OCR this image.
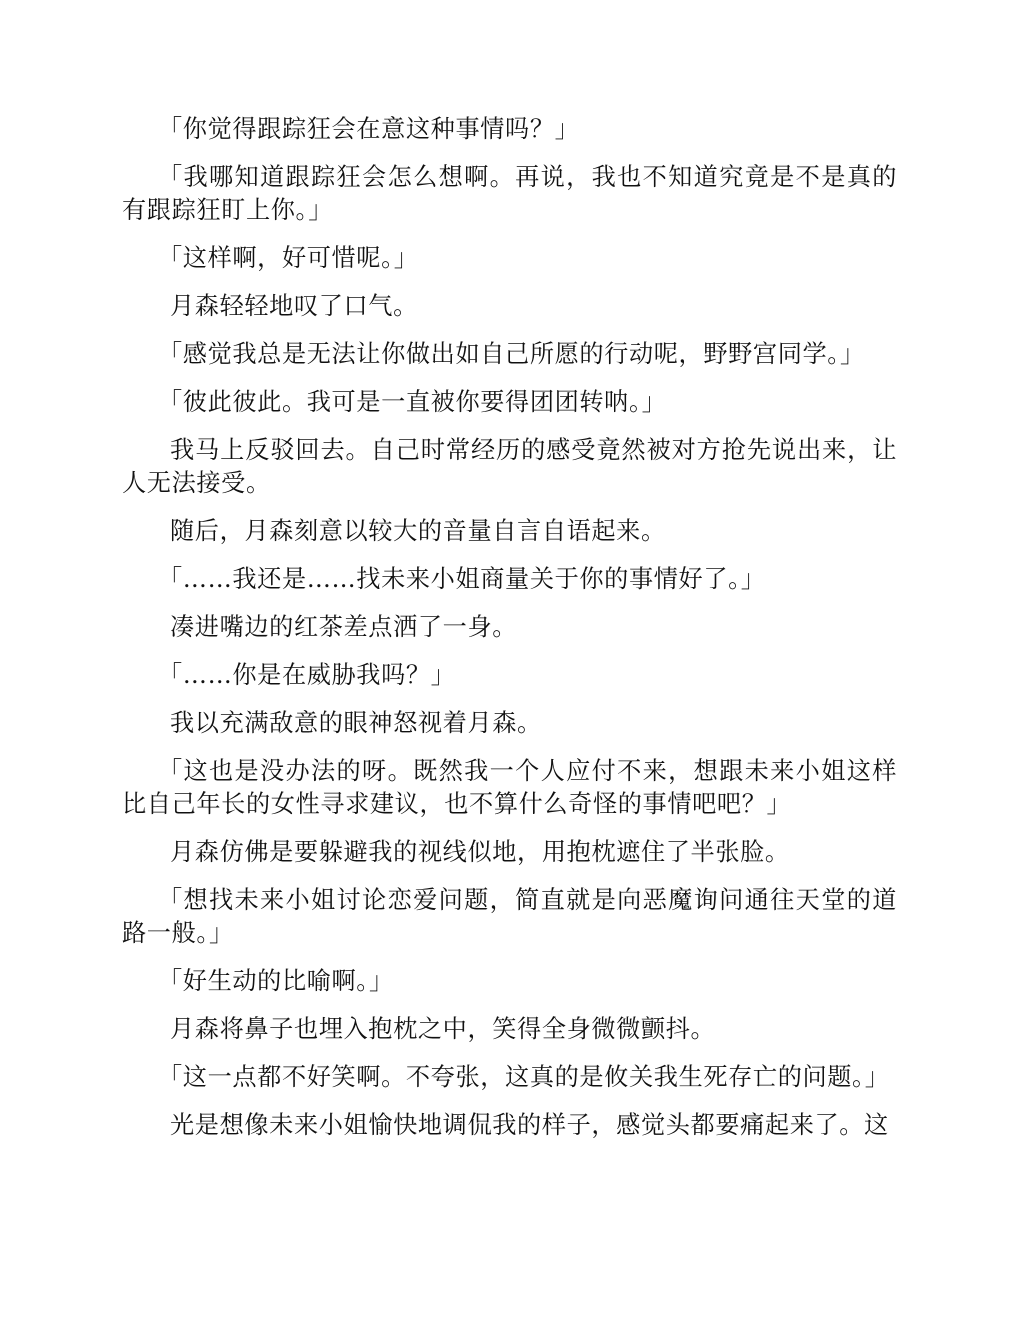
「你觉得跟踪狂会在意这种事情吗？」

「我哪知道跟踪狂会怎么想啊。再说，我也不知道究竟是不是真的有跟踪狂盯上你。」

「这样啊，好可惜呢。」

月森轻轻地叹了口气。

「感觉我总是无法让你做出如自己所愿的行动呢，野野宫同学。」

「彼此彼此。我可是一直被你要得团团转呐。」

我马上反驳回去。自己时常经历的感受竟然被对方抢先说出来，让人无法接受。

随后，月森刻意以较大的音量自言自语起来。

「……我还是……找未来小姐商量关于你的事情好了。」

凑进嘴边的红茶差点洒了一身。

「……你是在威胁我吗？」

我以充满敌意的眼神怒视着月森。

「这也是没办法的呀。既然我一个人应付不来，想跟未来小姐这样比自己年长的女性寻求建议，也不算什么奇怪的事情吧吧？」

月森仿佛是要躲避我的视线似地，用抱枕遮住了半张脸。

「想找未来小姐讨论恋爱问题，简直就是向恶魔询问通往天堂的道路一般。」

「好生动的比喻啊。」

月森将鼻子也埋入抱枕之中，笑得全身微微颤抖。

「这一点都不好笑啊。不夸张，这真的是攸关我生死存亡的问题。」

光是想像未来小姐愉快地调侃我的样子，感觉头都要痛起来了。这
